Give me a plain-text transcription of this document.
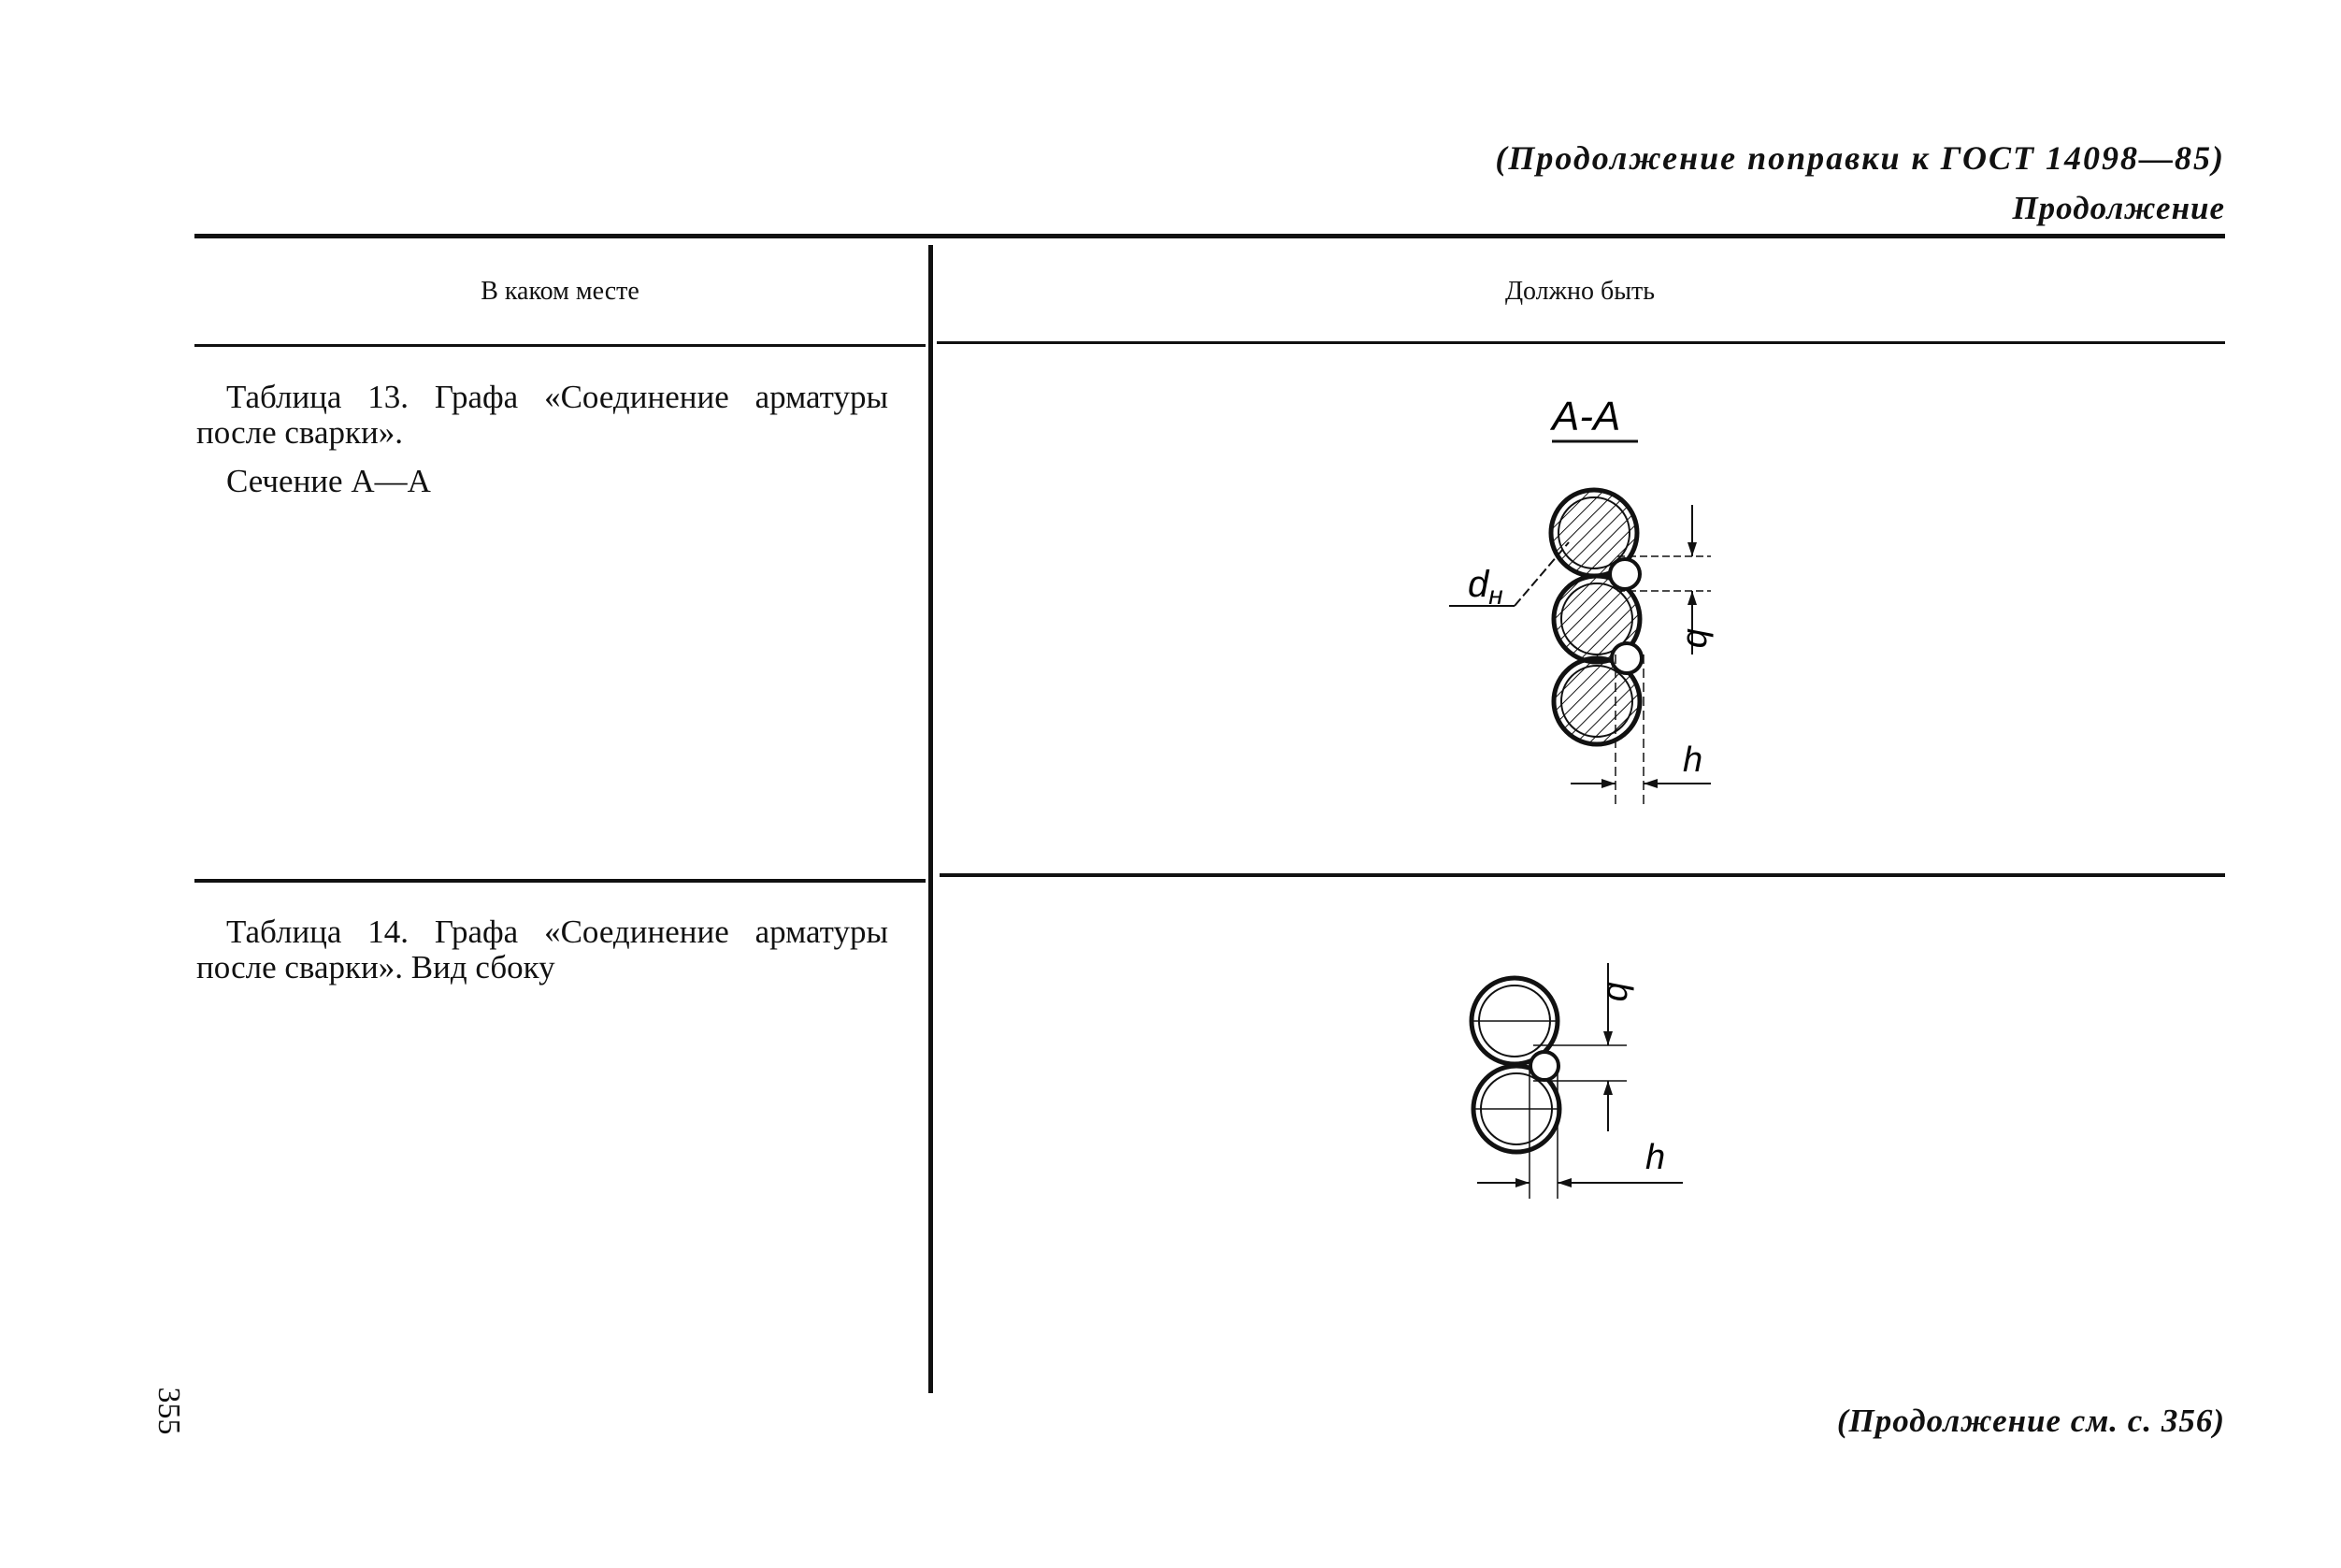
(Продолжение поправки к ГОСТ 14098—85)
Продолжение
В каком месте	Должно быть

Таблица 13. Графа «Соединение арматуры после сварки».

Сечение А—А

Таблица 14. Графа «Соединение арматуры после сварки». Вид сбоку

A-A
$d_н$
b
h
b
h
355	(Продолжение см. с. 356)
